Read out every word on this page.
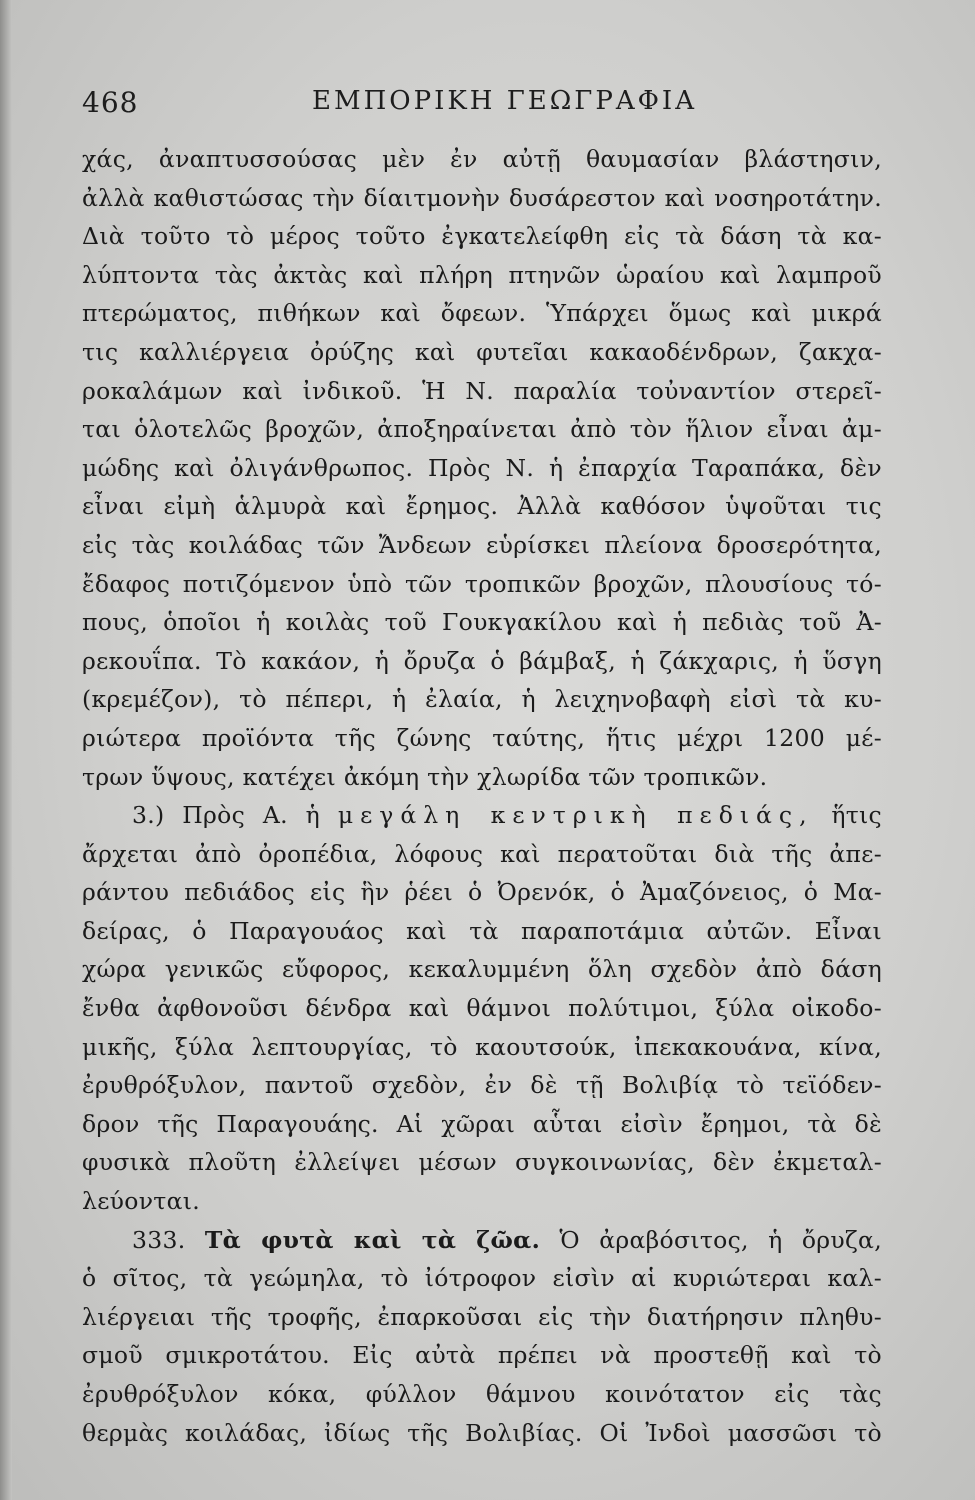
468	ΕΜΠΟΡΙΚΗ ΓΕΩΓΡΑΦΙΑ
χάς, ἀναπτυσσούσας μὲν ἐν αὐτῇ θαυμασίαν βλάστησιν,
ἀλλὰ καθιστώσας τὴν δίαιτμονὴν δυσάρεστον καὶ νοσηροτάτην.
Διὰ τοῦτο τὸ μέρος τοῦτο ἐγκατελείφθη εἰς τὰ δάση τὰ κα-
λύπτοντα τὰς ἀκτὰς καὶ πλήρη πτηνῶν ὡραίου καὶ λαμπροῦ
πτερώματος, πιθήκων καὶ ὄφεων. Ὑπάρχει ὅμως καὶ μικρά
τις καλλιέργεια ὀρύζης καὶ φυτεῖαι κακαοδένδρων, ζακχα-
ροκαλάμων καὶ ἰνδικοῦ. Ἡ Ν. παραλία τοὐναντίον στερεῖ-
ται ὁλοτελῶς βροχῶν, ἀποξηραίνεται ἀπὸ τὸν ἥλιον εἶναι ἀμ-
μώδης καὶ ὀλιγάνθρωπος. Πρὸς Ν. ἡ ἐπαρχία Ταραπάκα, δὲν
εἶναι εἰμὴ ἁλμυρὰ καὶ ἔρημος. Ἀλλὰ καθόσον ὑψοῦται τις
εἰς τὰς κοιλάδας τῶν Ἄνδεων εὑρίσκει πλείονα δροσερότητα,
ἔδαφος ποτιζόμενον ὑπὸ τῶν τροπικῶν βροχῶν, πλουσίους τό-
πους, ὁποῖοι ἡ κοιλὰς τοῦ Γουκγακίλου καὶ ἡ πεδιὰς τοῦ Ἀ-
ρεκουΐπα. Τὸ κακάον, ἡ ὄρυζα ὁ βάμβαξ, ἡ ζάκχαρις, ἡ ὕσγη
(κρεμέζον), τὸ πέπερι, ἡ ἐλαία, ἡ λειχηνοβαφὴ εἰσὶ τὰ κυ-
ριώτερα προϊόντα τῆς ζώνης ταύτης, ἥτις μέχρι 1200 μέ-
τρων ὕψους, κατέχει ἀκόμη τὴν χλωρίδα τῶν τροπικῶν.
3.) Πρὸς Α. ἡ μεγάλη κεντρικὴ πεδιάς, ἥτις
ἄρχεται ἀπὸ ὀροπέδια, λόφους καὶ περατοῦται διὰ τῆς ἀπε-
ράντου πεδιάδος εἰς ἣν ῥέει ὁ Ὀρενόκ, ὁ Ἀμαζόνειος, ὁ Μα-
δείρας, ὁ Παραγουάος καὶ τὰ παραποτάμια αὐτῶν. Εἶναι
χώρα γενικῶς εὔφορος, κεκαλυμμένη ὅλη σχεδὸν ἀπὸ δάση
ἔνθα ἀφθονοῦσι δένδρα καὶ θάμνοι πολύτιμοι, ξύλα οἰκοδο-
μικῆς, ξύλα λεπτουργίας, τὸ καουτσούκ, ἰπεκακουάνα, κίνα,
ἐρυθρόξυλον, παντοῦ σχεδὸν, ἐν δὲ τῇ Βολιβίᾳ τὸ τεϊόδεν-
δρον τῆς Παραγουάης. Αἱ χῶραι αὗται εἰσὶν ἔρημοι, τὰ δὲ
φυσικὰ πλοῦτη ἐλλείψει μέσων συγκοινωνίας, δὲν ἐκμεταλ-
λεύονται.
333. Τὰ φυτὰ καὶ τὰ ζῶα. Ὁ ἀραβόσιτος, ἡ ὄρυζα,
ὁ σῖτος, τὰ γεώμηλα, τὸ ἰότροφον εἰσὶν αἱ κυριώτεραι καλ-
λιέργειαι τῆς τροφῆς, ἐπαρκοῦσαι εἰς τὴν διατήρησιν πληθυ-
σμοῦ σμικροτάτου. Εἰς αὐτὰ πρέπει νὰ προστεθῇ καὶ τὸ
ἐρυθρόξυλον κόκα, φύλλον θάμνου κοινότατον εἰς τὰς
θερμὰς κοιλάδας, ἰδίως τῆς Βολιβίας. Οἱ Ἰνδοὶ μασσῶσι τὸ
